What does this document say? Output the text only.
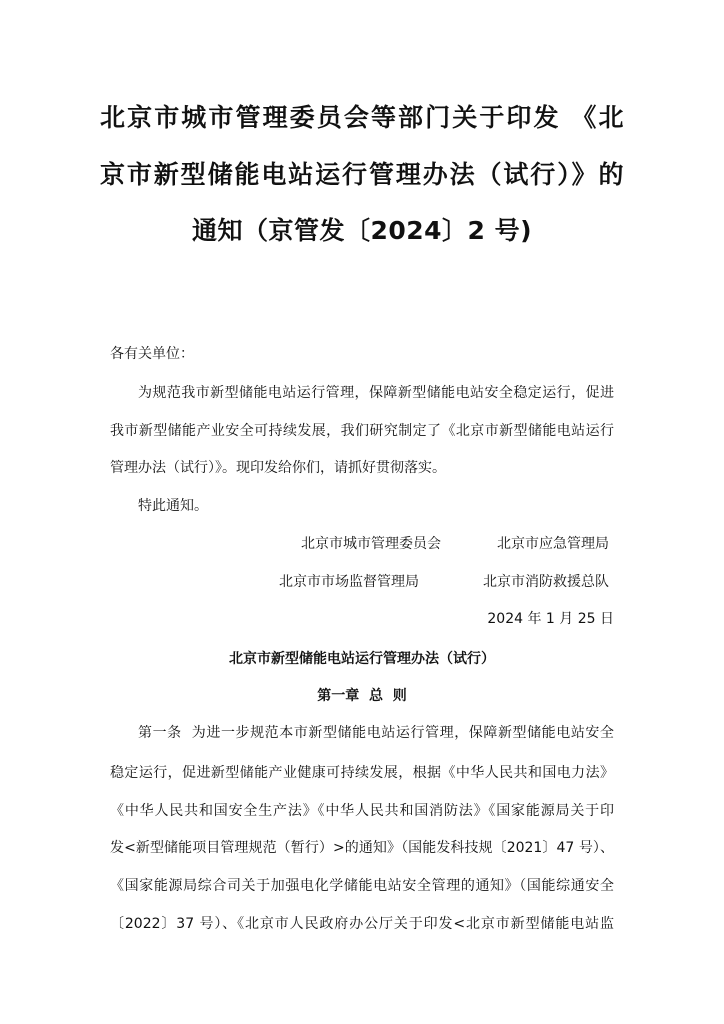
北京市城市管理委员会等部门关于印发 《北
京市新型储能电站运行管理办法（试行）》的
通知（京管发〔2024〕2 号)
各有关单位：
为规范我市新型储能电站运行管理，保障新型储能电站安全稳定运行，促进
我市新型储能产业安全可持续发展，我们研究制定了《北京市新型储能电站运行
管理办法（试行）》。现印发给你们，请抓好贯彻落实。
特此通知。
北京市城市管理委员会	北京市应急管理局
北京市市场监督管理局	北京市消防救援总队
2024 年 1 月 25 日
北京市新型储能电站运行管理办法（试行）
第一章  总  则
第一条  为进一步规范本市新型储能电站运行管理，保障新型储能电站安全
稳定运行，促进新型储能产业健康可持续发展，根据《中华人民共和国电力法》
《中华人民共和国安全生产法》《中华人民共和国消防法》《国家能源局关于印
发<新型储能项目管理规范（暂行）>的通知》（国能发科技规〔2021〕47 号）、
《国家能源局综合司关于加强电化学储能电站安全管理的通知》（国能综通安全
〔2022〕37 号）、《北京市人民政府办公厅关于印发<北京市新型储能电站监
